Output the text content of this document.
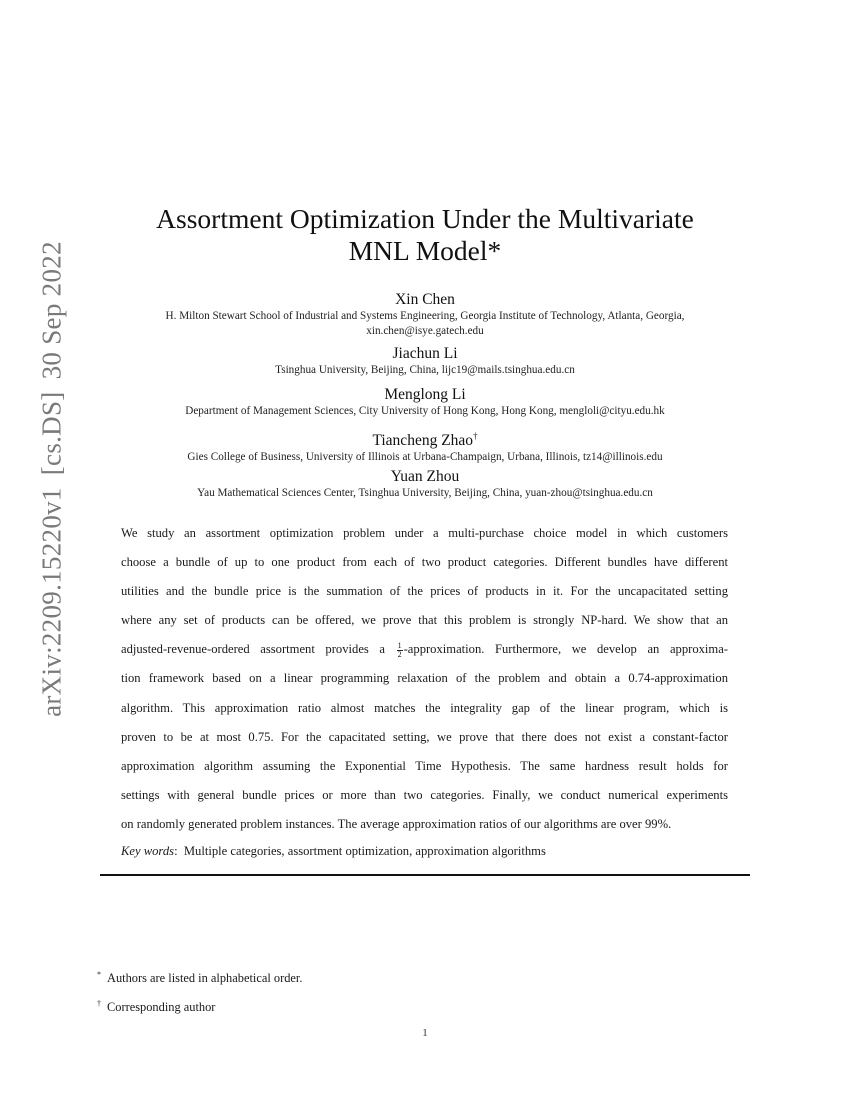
arXiv:2209.15220v1[cs.DS]30 Sep 2022
Assortment Optimization Under the Multivariate
MNL Model*
Xin Chen
H. Milton Stewart School of Industrial and Systems Engineering, Georgia Institute of Technology, Atlanta, Georgia,
xin.chen@isye.gatech.edu
Jiachun Li
Tsinghua University, Beijing, China, lijc19@mails.tsinghua.edu.cn
Menglong Li
Department of Management Sciences, City University of Hong Kong, Hong Kong, mengloli@cityu.edu.hk
Tiancheng Zhao†
Gies College of Business, University of Illinois at Urbana-Champaign, Urbana, Illinois, tz14@illinois.edu
Yuan Zhou
Yau Mathematical Sciences Center, Tsinghua University, Beijing, China, yuan-zhou@tsinghua.edu.cn
We study an assortment optimization problem under a multi-purchase choice model in which customers
choose a bundle of up to one product from each of two product categories. Different bundles have different
utilities and the bundle price is the summation of the prices of products in it. For the uncapacitated setting
where any set of products can be offered, we prove that this problem is strongly NP-hard. We show that an
adjusted-revenue-ordered assortment provides a $\frac{1}{2}$ -approximation. Furthermore, we develop an approxima-
tion framework based on a linear programming relaxation of the problem and obtain a 0.74-approximation
algorithm. This approximation ratio almost matches the integrality gap of the linear program, which is
proven to be at most 0.75. For the capacitated setting, we prove that there does not exist a constant-factor
approximation algorithm assuming the Exponential Time Hypothesis. The same hardness result holds for
settings with general bundle prices or more than two categories. Finally, we conduct numerical experiments
on randomly generated problem instances. The average approximation ratios of our algorithms are over 99%.
Key words: Multiple categories, assortment optimization, approximation algorithms
* Authors are listed in alphabetical order.
† Corresponding author
1
